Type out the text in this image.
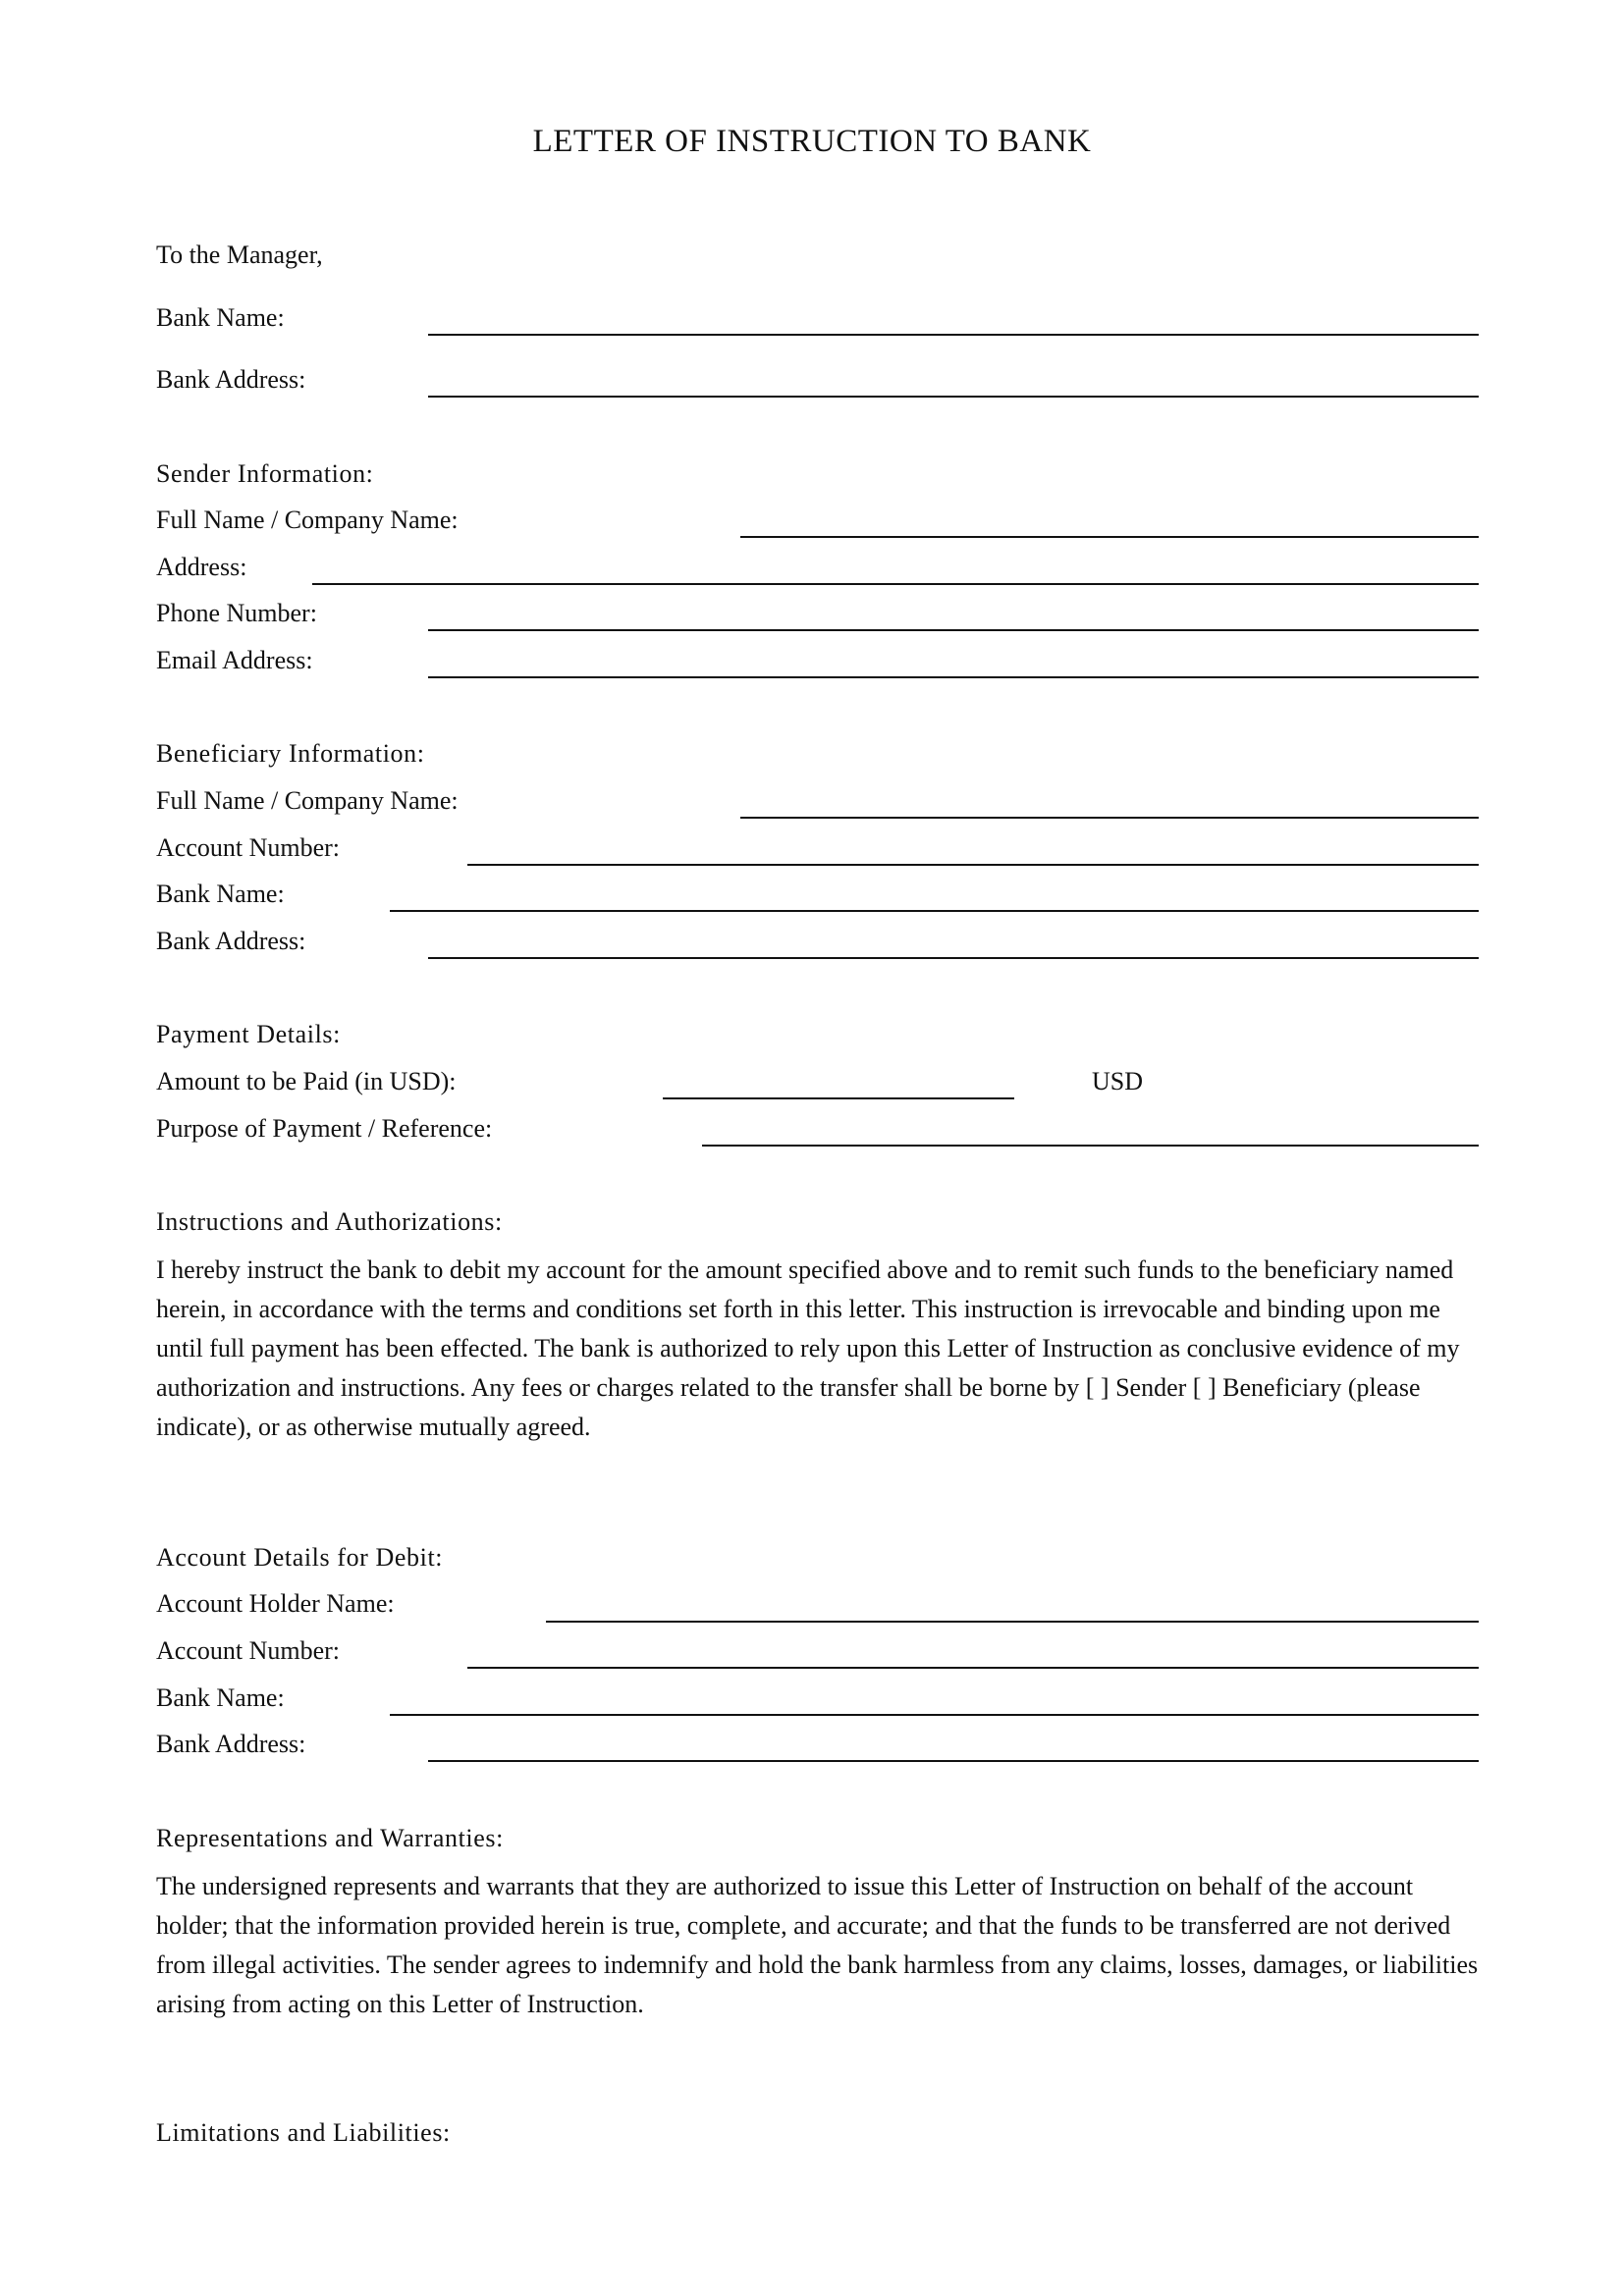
LETTER OF INSTRUCTION TO BANK
To the Manager,
Bank Name:
Bank Address:
Sender Information:
Full Name / Company Name:
Address:
Phone Number:
Email Address:
Beneficiary Information:
Full Name / Company Name:
Account Number:
Bank Name:
Bank Address:
Payment Details:
Amount to be Paid (in USD):	USD
Purpose of Payment / Reference:
Instructions and Authorizations:
I hereby instruct the bank to debit my account for the amount specified above and to remit such funds to the beneficiary named herein, in accordance with the terms and conditions set forth in this letter. This instruction is irrevocable and binding upon me until full payment has been effected. The bank is authorized to rely upon this Letter of Instruction as conclusive evidence of my authorization and instructions. Any fees or charges related to the transfer shall be borne by [ ] Sender [ ] Beneficiary (please indicate), or as otherwise mutually agreed.
Account Details for Debit:
Account Holder Name:
Account Number:
Bank Name:
Bank Address:
Representations and Warranties:
The undersigned represents and warrants that they are authorized to issue this Letter of Instruction on behalf of the account holder; that the information provided herein is true, complete, and accurate; and that the funds to be transferred are not derived from illegal activities. The sender agrees to indemnify and hold the bank harmless from any claims, losses, damages, or liabilities arising from acting on this Letter of Instruction.
Limitations and Liabilities:
